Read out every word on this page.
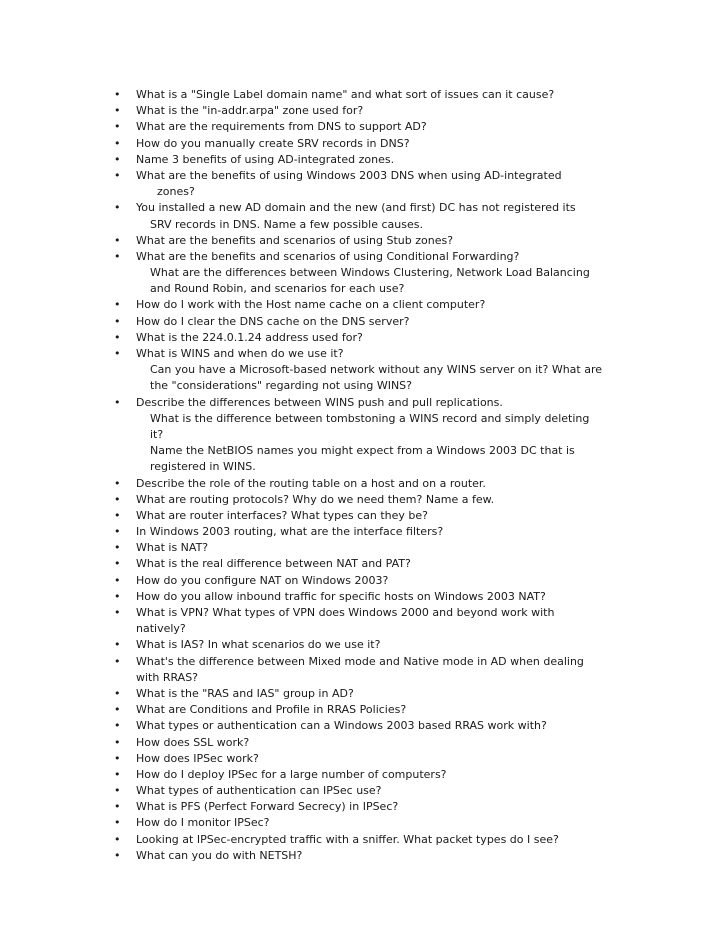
• What is a "Single Label domain name" and what sort of issues can it cause?
• What is the "in-addr.arpa" zone used for?
• What are the requirements from DNS to support AD?
• How do you manually create SRV records in DNS?
• Name 3 benefits of using AD-integrated zones.
• What are the benefits of using Windows 2003 DNS when using AD-integrated
zones?
• You installed a new AD domain and the new (and first) DC has not registered its
SRV records in DNS. Name a few possible causes.
• What are the benefits and scenarios of using Stub zones?
• What are the benefits and scenarios of using Conditional Forwarding?
What are the differences between Windows Clustering, Network Load Balancing
and Round Robin, and scenarios for each use?
• How do I work with the Host name cache on a client computer?
• How do I clear the DNS cache on the DNS server?
• What is the 224.0.1.24 address used for?
• What is WINS and when do we use it?
Can you have a Microsoft-based network without any WINS server on it? What are
the "considerations" regarding not using WINS?
• Describe the differences between WINS push and pull replications.
What is the difference between tombstoning a WINS record and simply deleting
it?
Name the NetBIOS names you might expect from a Windows 2003 DC that is
registered in WINS.
• Describe the role of the routing table on a host and on a router.
• What are routing protocols? Why do we need them? Name a few.
• What are router interfaces? What types can they be?
• In Windows 2003 routing, what are the interface filters?
• What is NAT?
• What is the real difference between NAT and PAT?
• How do you configure NAT on Windows 2003?
• How do you allow inbound traffic for specific hosts on Windows 2003 NAT?
• What is VPN? What types of VPN does Windows 2000 and beyond work with
natively?
• What is IAS? In what scenarios do we use it?
• What's the difference between Mixed mode and Native mode in AD when dealing
with RRAS?
• What is the "RAS and IAS" group in AD?
• What are Conditions and Profile in RRAS Policies?
• What types or authentication can a Windows 2003 based RRAS work with?
• How does SSL work?
• How does IPSec work?
• How do I deploy IPSec for a large number of computers?
• What types of authentication can IPSec use?
• What is PFS (Perfect Forward Secrecy) in IPSec?
• How do I monitor IPSec?
• Looking at IPSec-encrypted traffic with a sniffer. What packet types do I see?
• What can you do with NETSH?
